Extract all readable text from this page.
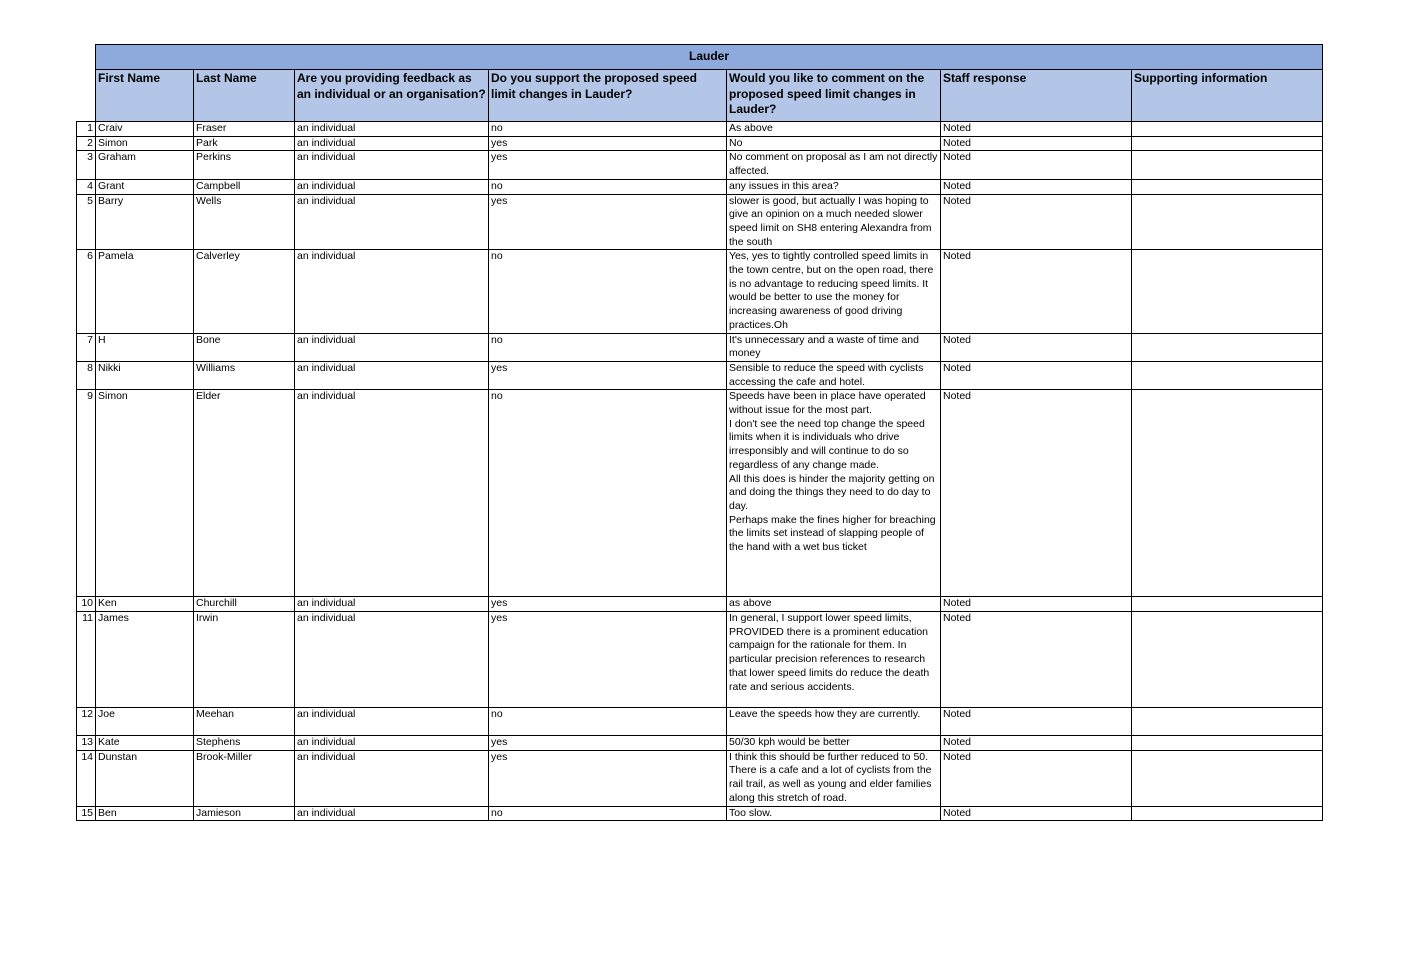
	Lauder						
	First Name	Last Name	Are you providing feedback as an individual or an organisation?	Do you support the proposed speed limit changes in Lauder?	Would you like to comment on the proposed speed limit changes in Lauder?	Staff response	Supporting information
1	Craiv	Fraser	an individual	no	As above	Noted	
2	Simon	Park	an individual	yes	No	Noted	
3	Graham	Perkins	an individual	yes	No comment on proposal as I am not directly affected.	Noted	
4	Grant	Campbell	an individual	no	any issues in this area?	Noted	
5	Barry	Wells	an individual	yes	slower is good, but actually I was hoping to give an opinion on a much needed slower speed limit on SH8 entering Alexandra from the south	Noted	
6	Pamela	Calverley	an individual	no	Yes, yes to tightly controlled speed limits in the town centre, but on the open road, there is no advantage to reducing speed limits. It would be better to use the money for increasing awareness of good driving practices.Oh	Noted	
7	H	Bone	an individual	no	It's unnecessary and a waste of time and money	Noted	
8	Nikki	Williams	an individual	yes	Sensible to reduce the speed with cyclists accessing the cafe and hotel.	Noted	
9	Simon	Elder	an individual	no	Speeds have been in place have operated without issue for the most part.
I don't see the need top change the speed limits when it is individuals who drive irresponsibly and will continue to do so regardless of any change made.
All this does is hinder the majority getting on and doing the things they need to do day to day.
Perhaps make the fines higher for breaching the limits set instead of slapping people of the hand with a wet bus ticket	Noted	
10	Ken	Churchill	an individual	yes	as above	Noted	
11	James	Irwin	an individual	yes	In general, I support lower speed limits, PROVIDED there is a prominent education campaign for the rationale for them. In particular precision references to research that lower speed limits do reduce the death rate and serious accidents.	Noted	
12	Joe	Meehan	an individual	no	Leave the speeds how they are currently.	Noted	
13	Kate	Stephens	an individual	yes	50/30 kph would be better	Noted	
14	Dunstan	Brook-Miller	an individual	yes	I think this should be further reduced to 50. There is a cafe and a lot of cyclists from the rail trail, as well as young and elder families along this stretch of road.	Noted	
15	Ben	Jamieson	an individual	no	Too slow.	Noted	
